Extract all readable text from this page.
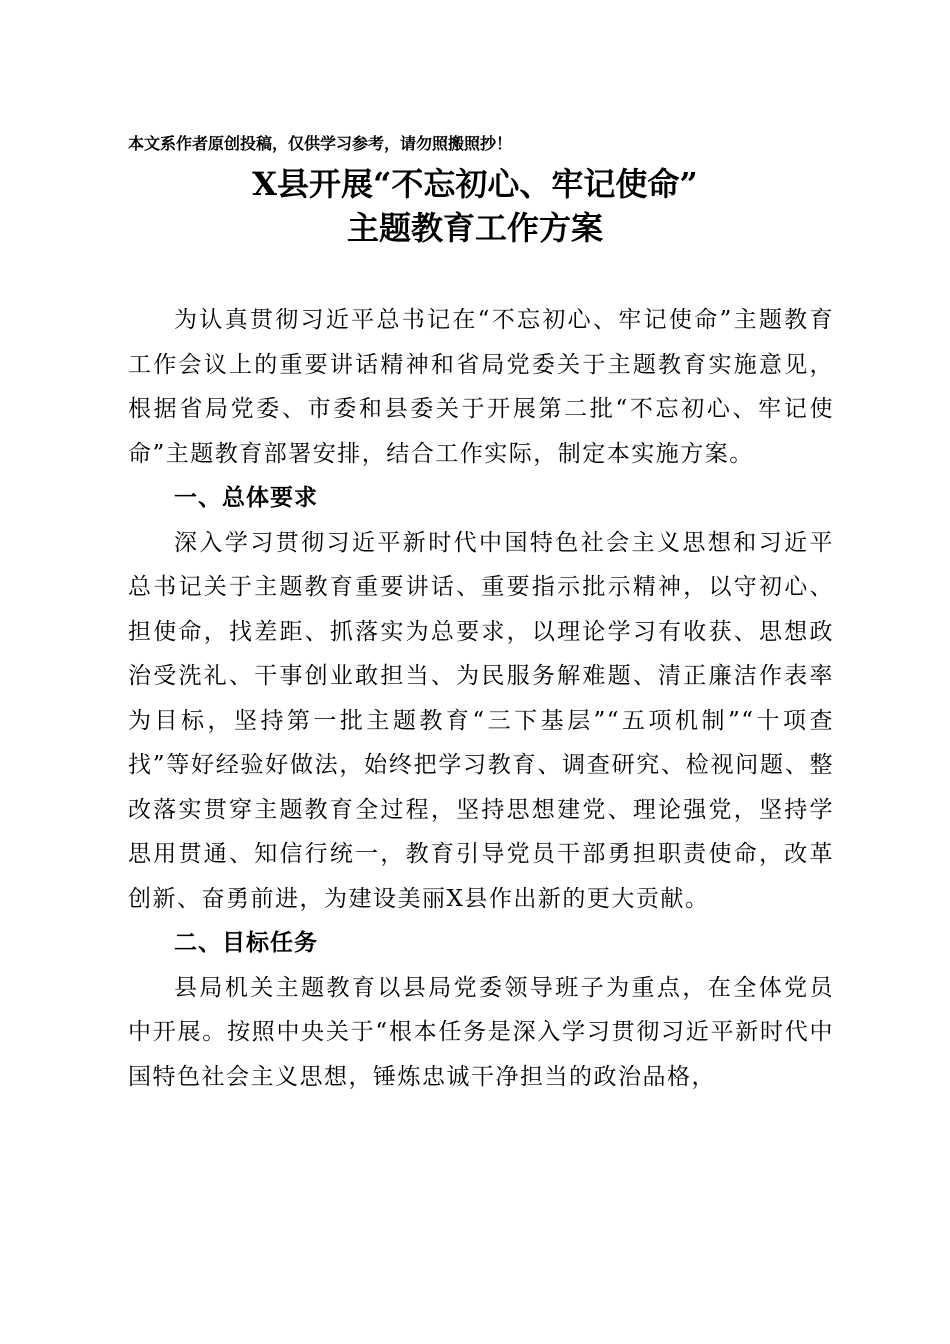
本文系作者原创投稿，仅供学习参考，请勿照搬照抄！
X县开展“不忘初心、牢记使命”
主题教育工作方案

为认真贯彻习近平总书记在“不忘初心、牢记使命”主题教育工作会议上的重要讲话精神和省局党委关于主题教育实施意见，根据省局党委、市委和县委关于开展第二批“不忘初心、牢记使命”主题教育部署安排，结合工作实际，制定本实施方案。

一、总体要求

深入学习贯彻习近平新时代中国特色社会主义思想和习近平总书记关于主题教育重要讲话、重要指示批示精神，以守初心、担使命，找差距、抓落实为总要求，以理论学习有收获、思想政治受洗礼、干事创业敢担当、为民服务解难题、清正廉洁作表率为目标，坚持第一批主题教育“三下基层”“五项机制”“十项查找”等好经验好做法，始终把学习教育、调查研究、检视问题、整改落实贯穿主题教育全过程，坚持思想建党、理论强党，坚持学思用贯通、知信行统一，教育引导党员干部勇担职责使命，改革创新、奋勇前进，为建设美丽X县作出新的更大贡献。

二、目标任务

县局机关主题教育以县局党委领导班子为重点，在全体党员中开展。按照中央关于“根本任务是深入学习贯彻习近平新时代中国特色社会主义思想，锤炼忠诚干净担当的政治品格，
